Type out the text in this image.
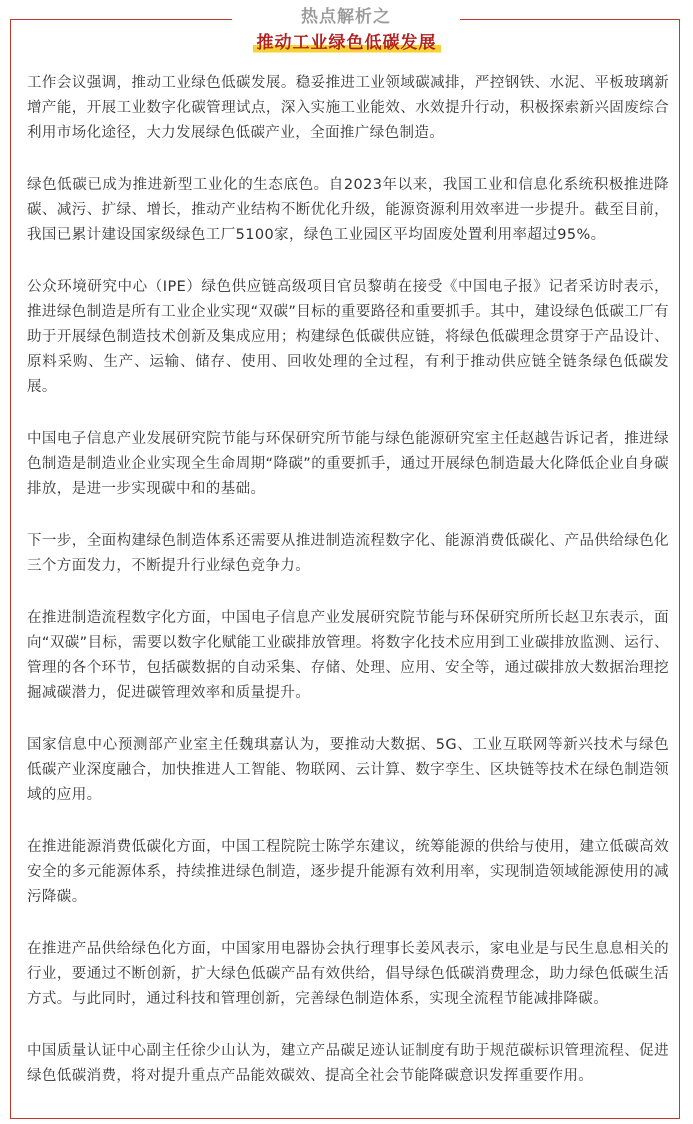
热点解析之
推动工业绿色低碳发展

工作会议强调，推动工业绿色低碳发展。稳妥推进工业领域碳减排，严控钢铁、水泥、平板玻璃新增产能，开展工业数字化碳管理试点，深入实施工业能效、水效提升行动，积极探索新兴固废综合利用市场化途径，大力发展绿色低碳产业，全面推广绿色制造。

绿色低碳已成为推进新型工业化的生态底色。自2023年以来，我国工业和信息化系统积极推进降碳、减污、扩绿、增长，推动产业结构不断优化升级，能源资源利用效率进一步提升。截至目前，我国已累计建设国家级绿色工厂5100家，绿色工业园区平均固废处置利用率超过95%。

公众环境研究中心（IPE）绿色供应链高级项目官员黎萌在接受《中国电子报》记者采访时表示，推进绿色制造是所有工业企业实现“双碳”目标的重要路径和重要抓手。其中，建设绿色低碳工厂有助于开展绿色制造技术创新及集成应用；构建绿色低碳供应链，将绿色低碳理念贯穿于产品设计、原料采购、生产、运输、储存、使用、回收处理的全过程，有利于推动供应链全链条绿色低碳发展。

中国电子信息产业发展研究院节能与环保研究所节能与绿色能源研究室主任赵越告诉记者，推进绿色制造是制造业企业实现全生命周期“降碳”的重要抓手，通过开展绿色制造最大化降低企业自身碳排放，是进一步实现碳中和的基础。

下一步，全面构建绿色制造体系还需要从推进制造流程数字化、能源消费低碳化、产品供给绿色化三个方面发力，不断提升行业绿色竞争力。

在推进制造流程数字化方面，中国电子信息产业发展研究院节能与环保研究所所长赵卫东表示，面向“双碳”目标，需要以数字化赋能工业碳排放管理。将数字化技术应用到工业碳排放监测、运行、管理的各个环节，包括碳数据的自动采集、存储、处理、应用、安全等，通过碳排放大数据治理挖掘减碳潜力，促进碳管理效率和质量提升。

国家信息中心预测部产业室主任魏琪嘉认为，要推动大数据、5G、工业互联网等新兴技术与绿色低碳产业深度融合，加快推进人工智能、物联网、云计算、数字孪生、区块链等技术在绿色制造领域的应用。

在推进能源消费低碳化方面，中国工程院院士陈学东建议，统筹能源的供给与使用，建立低碳高效安全的多元能源体系，持续推进绿色制造，逐步提升能源有效利用率，实现制造领域能源使用的减污降碳。

在推进产品供给绿色化方面，中国家用电器协会执行理事长姜风表示，家电业是与民生息息相关的行业，要通过不断创新，扩大绿色低碳产品有效供给，倡导绿色低碳消费理念，助力绿色低碳生活方式。与此同时，通过科技和管理创新，完善绿色制造体系，实现全流程节能减排降碳。

中国质量认证中心副主任徐少山认为，建立产品碳足迹认证制度有助于规范碳标识管理流程、促进绿色低碳消费，将对提升重点产品能效碳效、提高全社会节能降碳意识发挥重要作用。
